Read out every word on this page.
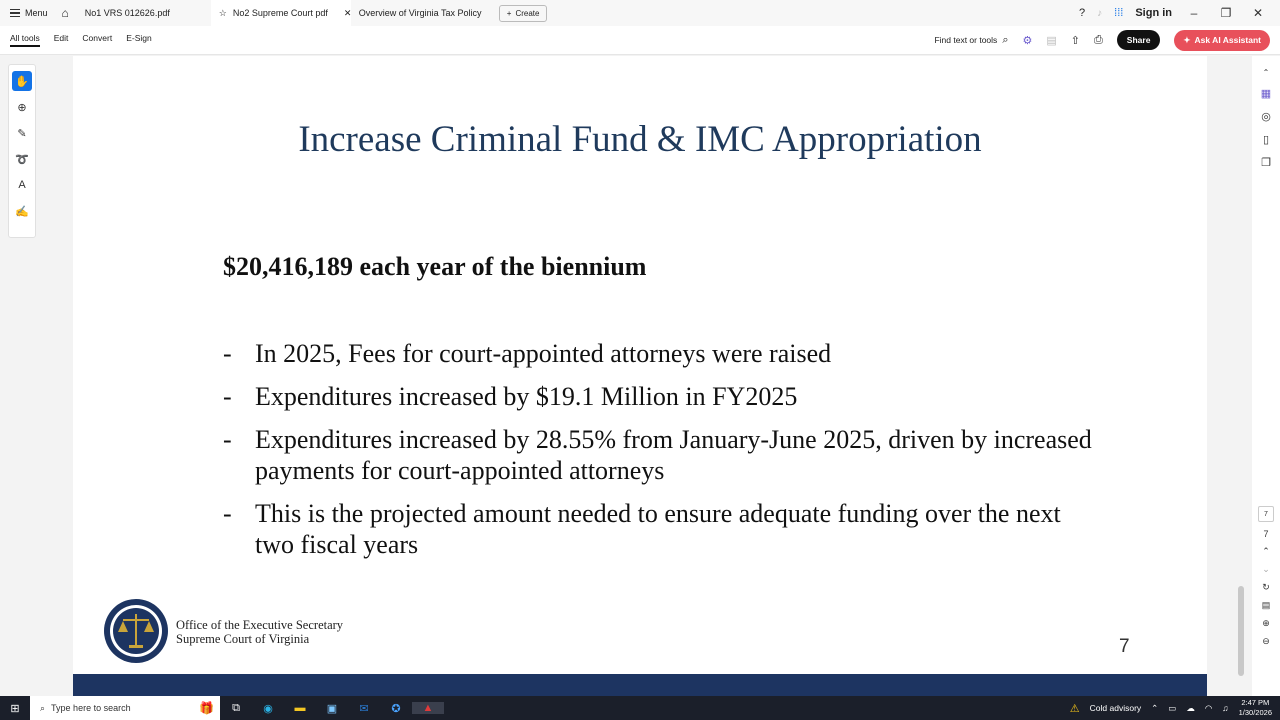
Menu ⌂ No1 VRS 012626.pdf	☆ No2 Supreme Court pdf ✕ Overview of Virginia Tax Policy	+ Create	? ♪ ⁞⁞⁞ Sign in	–	❐	✕
All tools Edit Convert E-Sign	Find text or tools ⌕ ⚙ ▤ ⇧ ⎙	Share	✦ Ask AI Assistant
✋
⊕
✎
➰
A
✍
Increase Criminal Fund & IMC Appropriation
$20,416,189 each year of the biennium
- In 2025, Fees for court-appointed attorneys were raised
- Expenditures increased by $19.1 Million in FY2025
- Expenditures increased by 28.55% from January-June 2025, driven by increased payments for court-appointed attorneys
- This is the projected amount needed to ensure adequate funding over the next two fiscal years
Office of the Executive Secretary
Supreme Court of Virginia	7
⌃
▦
◎
▯
❐
7
7
⌃
⌄
↻
▤
⊕
⊖
⊞	⌕ Type here to search	🎁	⧉	◉	▬	▣	✉	✪	▲	⚠ Cold advisory ⌃ ▭ ☁ ◠ ♫
2:47 PM
1/30/2026
